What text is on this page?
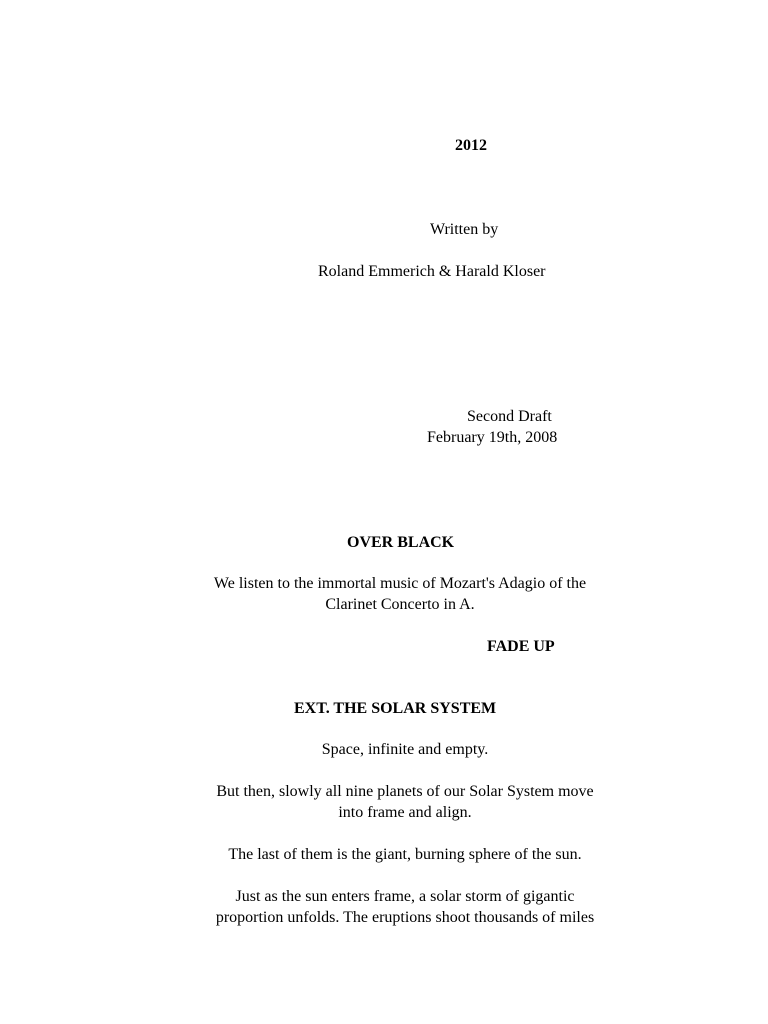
2012
Written by
Roland Emmerich & Harald Kloser
Second Draft
February 19th, 2008
OVER BLACK
We listen to the immortal music of Mozart's Adagio of the
Clarinet Concerto in A.
FADE UP
EXT. THE SOLAR SYSTEM
Space, infinite and empty.
But then, slowly all nine planets of our Solar System move
into frame and align.
The last of them is the giant, burning sphere of the sun.
Just as the sun enters frame, a solar storm of gigantic
proportion unfolds. The eruptions shoot thousands of miles
